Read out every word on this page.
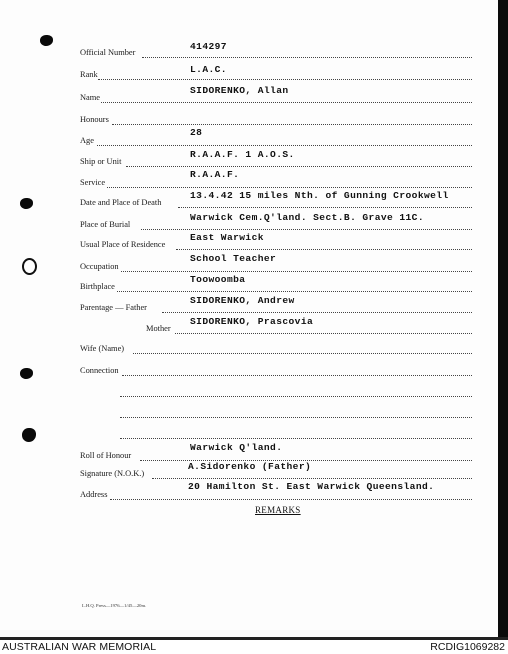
Official Number
414297
Rank	L.A.C.
Name
SIDORENKO, Allan
Honours
Age
28
Ship or Unit
R.A.A.F. 1 A.O.S.
Service
R.A.A.F.
Date and Place of Death
13.4.42 15 miles Nth. of Gunning Crookwell
Place of Burial
Warwick Cem.Q'land. Sect.B. Grave 11C.
Usual Place of Residence
East Warwick
Occupation
School Teacher
Birthplace
Toowoomba
Parentage — Father
SIDORENKO, Andrew
Mother
SIDORENKO, Prascovia
Wife (Name)
Connection
Roll of Honour
Warwick Q'land.
Signature (N.O.K.)
A.Sidorenko (Father)
Address
20 Hamilton St. East Warwick Queensland.
REMARKS
L.H.Q. Press—1976—1/45—20m.
AUSTRALIAN WAR MEMORIAL	RCDIG1069282
